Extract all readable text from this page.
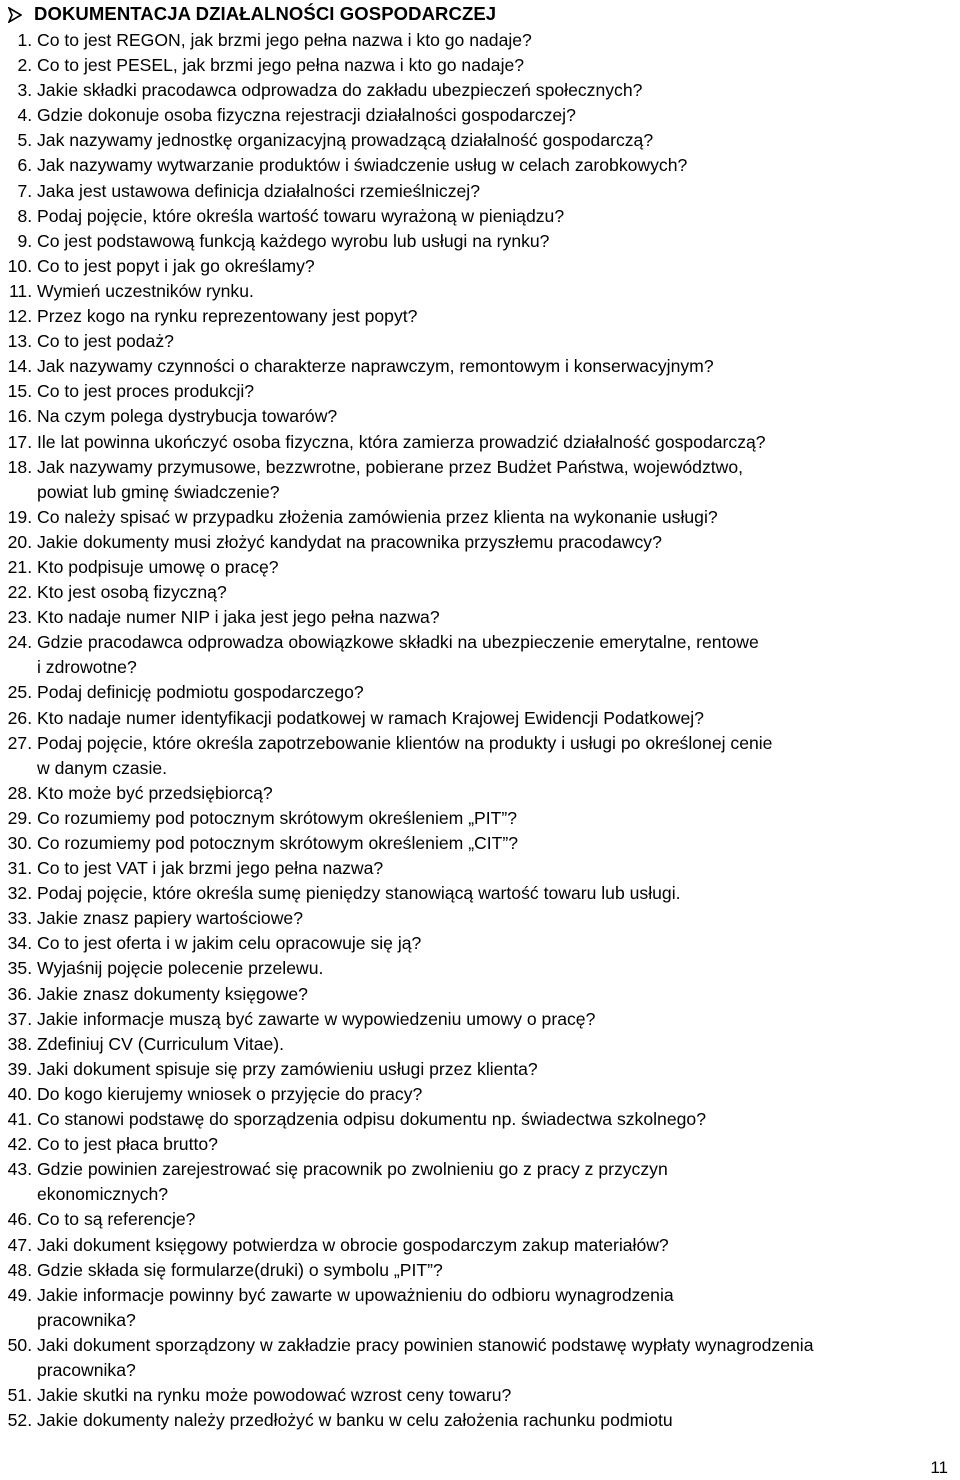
DOKUMENTACJA DZIAŁALNOŚCI GOSPODARCZEJ
1. Co to jest REGON, jak brzmi jego pełna nazwa i kto go nadaje?
2. Co to jest PESEL, jak brzmi jego pełna nazwa i kto go nadaje?
3. Jakie składki pracodawca odprowadza do zakładu ubezpieczeń społecznych?
4. Gdzie dokonuje osoba fizyczna rejestracji działalności gospodarczej?
5. Jak nazywamy jednostkę organizacyjną prowadzącą działalność gospodarczą?
6. Jak nazywamy wytwarzanie produktów i świadczenie usług w celach zarobkowych?
7. Jaka jest ustawowa definicja działalności rzemieślniczej?
8. Podaj pojęcie, które określa wartość towaru wyrażoną w pieniądzu?
9. Co jest podstawową funkcją każdego wyrobu lub usługi na rynku?
10. Co to jest popyt i jak go określamy?
11. Wymień uczestników rynku.
12. Przez kogo na rynku reprezentowany jest popyt?
13. Co to jest podaż?
14. Jak nazywamy czynności o charakterze naprawczym, remontowym i konserwacyjnym?
15. Co to jest proces produkcji?
16. Na czym polega dystrybucja towarów?
17. Ile lat powinna ukończyć osoba fizyczna, która zamierza prowadzić działalność gospodarczą?
18. Jak nazywamy przymusowe, bezzwrotne, pobierane przez Budżet Państwa, województwo,
powiat lub gminę świadczenie?
19. Co należy spisać w przypadku złożenia zamówienia przez klienta na wykonanie usługi?
20. Jakie dokumenty musi złożyć kandydat na pracownika przyszłemu pracodawcy?
21. Kto podpisuje umowę o pracę?
22. Kto jest osobą fizyczną?
23. Kto nadaje numer NIP i jaka jest jego pełna nazwa?
24. Gdzie pracodawca odprowadza obowiązkowe składki na ubezpieczenie emerytalne, rentowe
i zdrowotne?
25. Podaj definicję podmiotu gospodarczego?
26. Kto nadaje numer identyfikacji podatkowej w ramach Krajowej Ewidencji Podatkowej?
27. Podaj pojęcie, które określa zapotrzebowanie klientów na produkty i usługi po określonej cenie
w danym czasie.
28. Kto może być przedsiębiorcą?
29. Co rozumiemy pod potocznym skrótowym określeniem „PIT”?
30. Co rozumiemy pod potocznym skrótowym określeniem „CIT”?
31. Co to jest VAT i jak brzmi jego pełna nazwa?
32. Podaj pojęcie, które określa sumę pieniędzy stanowiącą wartość towaru lub usługi.
33. Jakie znasz papiery wartościowe?
34. Co to jest oferta i w jakim celu opracowuje się ją?
35. Wyjaśnij pojęcie polecenie przelewu.
36. Jakie znasz dokumenty księgowe?
37. Jakie informacje muszą być zawarte w wypowiedzeniu umowy o pracę?
38. Zdefiniuj CV (Curriculum Vitae).
39. Jaki dokument spisuje się przy zamówieniu usługi przez klienta?
40. Do kogo kierujemy wniosek o przyjęcie do pracy?
41. Co stanowi podstawę do sporządzenia odpisu dokumentu np. świadectwa szkolnego?
42. Co to jest płaca brutto?
43. Gdzie powinien zarejestrować się pracownik po zwolnieniu go z pracy z przyczyn
ekonomicznych?
46. Co to są referencje?
47. Jaki dokument księgowy potwierdza w obrocie gospodarczym zakup materiałów?
48. Gdzie składa się formularze(druki) o symbolu „PIT”?
49. Jakie informacje powinny być zawarte w upoważnieniu do odbioru wynagrodzenia
pracownika?
50. Jaki dokument sporządzony w zakładzie pracy powinien stanowić podstawę wypłaty wynagrodzenia
pracownika?
51. Jakie skutki na rynku może powodować wzrost ceny towaru?
52. Jakie dokumenty należy przedłożyć w banku w celu założenia rachunku podmiotu
11
